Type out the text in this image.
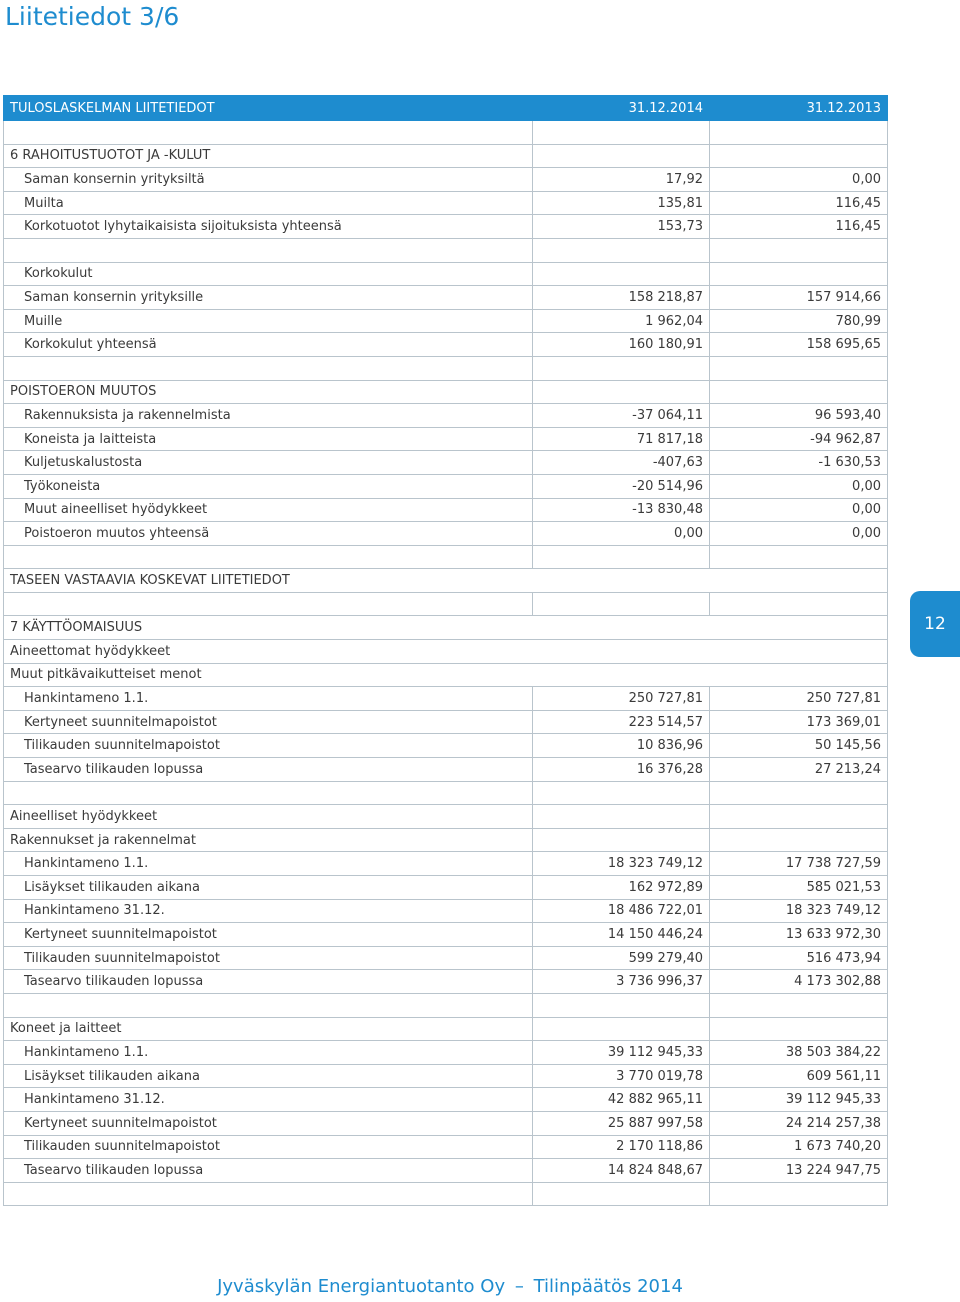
Liitetiedot 3/6
TULOSLASKELMAN LIITETIEDOT	31.12.2014	31.12.2013

6 RAHOITUSTUOTOT JA -KULUT		
Saman konsernin yrityksiltä	17,92	0,00
Muilta	135,81	116,45
Korkotuotot lyhytaikaisista sijoituksista yhteensä	153,73	116,45

Korkokulut		
Saman konsernin yrityksille	158 218,87	157 914,66
Muille	1 962,04	780,99
Korkokulut yhteensä	160 180,91	158 695,65

POISTOERON MUUTOS		
Rakennuksista ja rakennelmista	-37 064,11	96 593,40
Koneista ja laitteista	71 817,18	-94 962,87
Kuljetuskalustosta	-407,63	-1 630,53
Työkoneista	-20 514,96	0,00
Muut aineelliset hyödykkeet	-13 830,48	0,00
Poistoeron muutos yhteensä	0,00	0,00

TASEEN VASTAAVIA KOSKEVAT LIITETIEDOT		

7 KÄYTTÖOMAISUUS		
Aineettomat hyödykkeet		
Muut pitkävaikutteiset menot		
Hankintameno 1.1.	250 727,81	250 727,81
Kertyneet suunnitelmapoistot	223 514,57	173 369,01
Tilikauden suunnitelmapoistot	10 836,96	50 145,56
Tasearvo tilikauden lopussa	16 376,28	27 213,24

Aineelliset hyödykkeet		
Rakennukset ja rakennelmat		
Hankintameno 1.1.	18 323 749,12	17 738 727,59
Lisäykset tilikauden aikana	162 972,89	585 021,53
Hankintameno 31.12.	18 486 722,01	18 323 749,12
Kertyneet suunnitelmapoistot	14 150 446,24	13 633 972,30
Tilikauden suunnitelmapoistot	599 279,40	516 473,94
Tasearvo tilikauden lopussa	3 736 996,37	4 173 302,88

Koneet ja laitteet		
Hankintameno 1.1.	39 112 945,33	38 503 384,22
Lisäykset tilikauden aikana	3 770 019,78	609 561,11
Hankintameno 31.12.	42 882 965,11	39 112 945,33
Kertyneet suunnitelmapoistot	25 887 997,58	24 214 257,38
Tilikauden suunnitelmapoistot	2 170 118,86	1 673 740,20
Tasearvo tilikauden lopussa	14 824 848,67	13 224 947,75

12
Jyväskylän Energiantuotanto Oy – Tilinpäätös 2014
